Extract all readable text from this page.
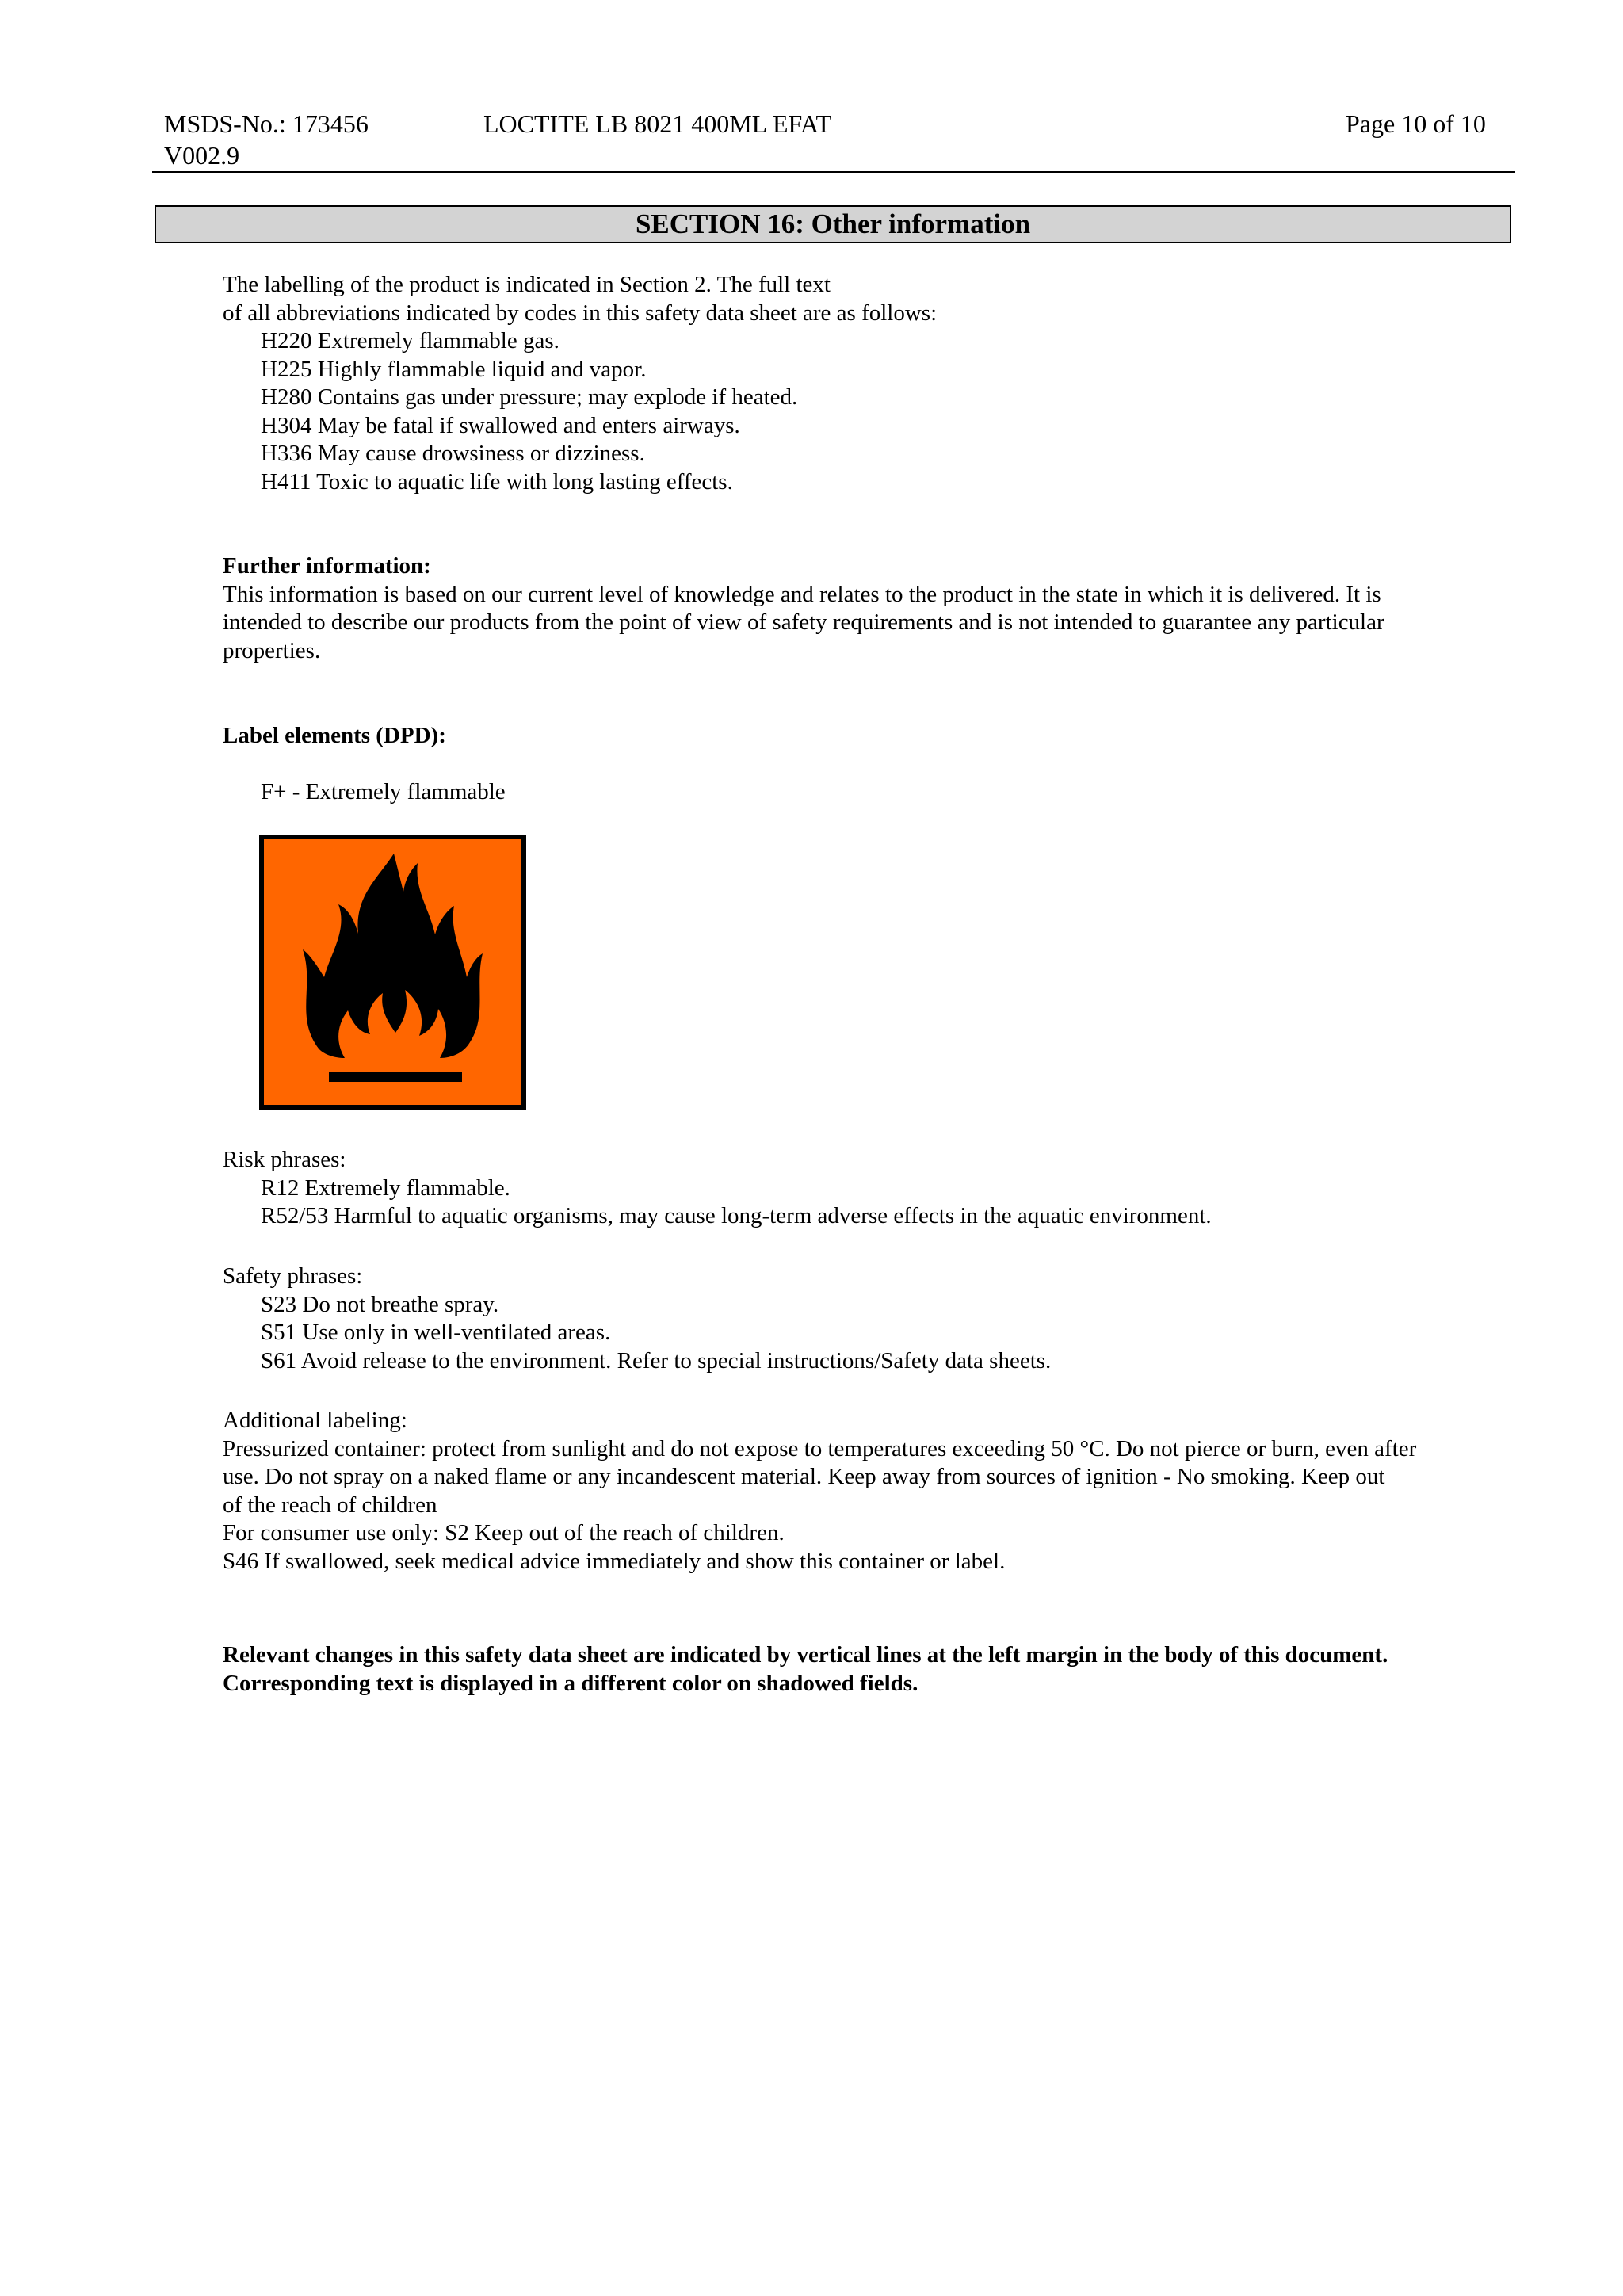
MSDS-No.: 173456
V002.9
LOCTITE LB 8021 400ML EFAT	Page 10 of 10
SECTION 16: Other information
The labelling of the product is indicated in Section 2. The full text
of all abbreviations indicated by codes in this safety data sheet are as follows:
H220 Extremely flammable gas.
H225 Highly flammable liquid and vapor.
H280 Contains gas under pressure; may explode if heated.
H304 May be fatal if swallowed and enters airways.
H336 May cause drowsiness or dizziness.
H411 Toxic to aquatic life with long lasting effects.
Further information:
This information is based on our current level of knowledge and relates to the product in the state in which it is delivered. It is
intended to describe our products from the point of view of safety requirements and is not intended to guarantee any particular
properties.
Label elements (DPD):
F+ - Extremely flammable
Risk phrases:
R12 Extremely flammable.
R52/53 Harmful to aquatic organisms, may cause long-term adverse effects in the aquatic environment.
Safety phrases:
S23 Do not breathe spray.
S51 Use only in well-ventilated areas.
S61 Avoid release to the environment. Refer to special instructions/Safety data sheets.
Additional labeling:
Pressurized container: protect from sunlight and do not expose to temperatures exceeding 50 °C. Do not pierce or burn, even after
use. Do not spray on a naked flame or any incandescent material. Keep away from sources of ignition - No smoking. Keep out
of the reach of children
For consumer use only: S2 Keep out of the reach of children.
S46 If swallowed, seek medical advice immediately and show this container or label.
Relevant changes in this safety data sheet are indicated by vertical lines at the left margin in the body of this document.
Corresponding text is displayed in a different color on shadowed fields.
